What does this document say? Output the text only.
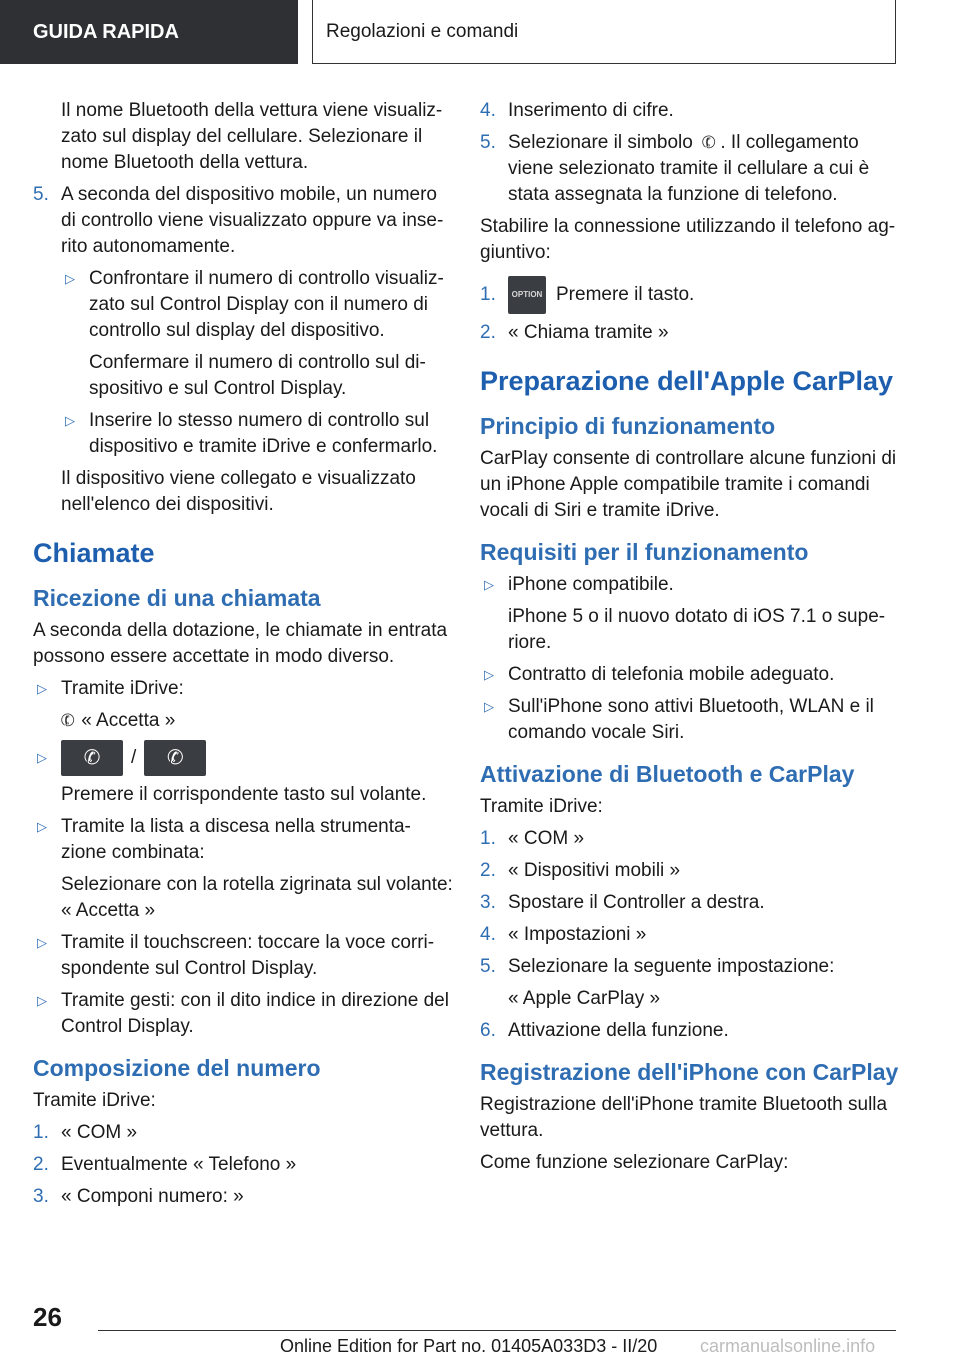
GUIDA RAPIDA	Regolazioni e comandi

Il nome Bluetooth della vettura viene visualiz‐zato sul display del cellulare. Selezionare il nome Bluetooth della vettura.

5. A seconda del dispositivo mobile, un numero di controllo viene visualizzato oppure va inse‐rito autonomamente.
▷ Confrontare il numero di controllo visualiz‐zato sul Control Display con il numero di controllo sul display del dispositivo.

Confermare il numero di controllo sul di‐spositivo e sul Control Display.

▷ Inserire lo stesso numero di controllo sul dispositivo e tramite iDrive e confermarlo.

Il dispositivo viene collegato e visualizzato nell'elenco dei dispositivi.

Chiamate
Ricezione di una chiamata

A seconda della dotazione, le chiamate in entrata possono essere accettate in modo diverso.

▷ Tramite iDrive:

✆ « Accetta »

▷	✆	/	✆

Premere il corrispondente tasto sul volante.

▷ Tramite la lista a discesa nella strumenta‐zione combinata:

Selezionare con la rotella zigrinata sul volante: « Accetta »

▷ Tramite il touchscreen: toccare la voce corri‐spondente sul Control Display.
▷ Tramite gesti: con il dito indice in direzione del Control Display.
Composizione del numero

Tramite iDrive:

1. « COM »
2. Eventualmente « Telefono »
3. « Componi numero: »
4. Inserimento di cifre.
5. Selezionare il simbolo ✆. Il collegamento viene selezionato tramite il cellulare a cui è stata assegnata la funzione di telefono.

Stabilire la connessione utilizzando il telefono ag‐giuntivo:

1.	OPTION Premere il tasto.
2. « Chiama tramite »
Preparazione dell'Apple CarPlay
Principio di funzionamento

CarPlay consente di controllare alcune funzioni di un iPhone Apple compatibile tramite i comandi vocali di Siri e tramite iDrive.

Requisiti per il funzionamento
▷ iPhone compatibile.

iPhone 5 o il nuovo dotato di iOS 7.1 o supe‐riore.

▷ Contratto di telefonia mobile adeguato.
▷ Sull'iPhone sono attivi Bluetooth, WLAN e il comando vocale Siri.
Attivazione di Bluetooth e CarPlay

Tramite iDrive:

1. « COM »
2. « Dispositivi mobili »
3. Spostare il Controller a destra.
4. « Impostazioni »
5. Selezionare la seguente impostazione:

« Apple CarPlay »

6. Attivazione della funzione.
Registrazione dell'iPhone con CarPlay

Registrazione dell'iPhone tramite Bluetooth sulla vettura.

Come funzione selezionare CarPlay:

26
Online Edition for Part no. 01405A033D3 - II/20 carmanualsonline.info
